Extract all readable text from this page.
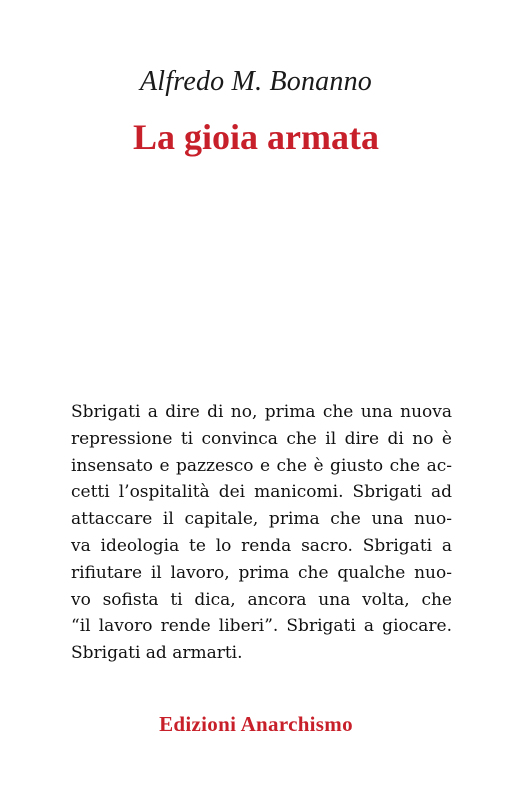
Alfredo M. Bonanno
La gioia armata

Sbrigati a dire di no, prima che una nuova
repressione ti convinca che il dire di no è
insensato e pazzesco e che è giusto che ac-
cetti l’ospitalità dei manicomi. Sbrigati ad
attaccare il capitale, prima che una nuo-
va ideologia te lo renda sacro. Sbrigati a
rifiutare il lavoro, prima che qualche nuo-
vo sofista ti dica, ancora una volta, che
“il lavoro rende liberi”. Sbrigati a giocare.
Sbrigati ad armarti.

Edizioni Anarchismo
